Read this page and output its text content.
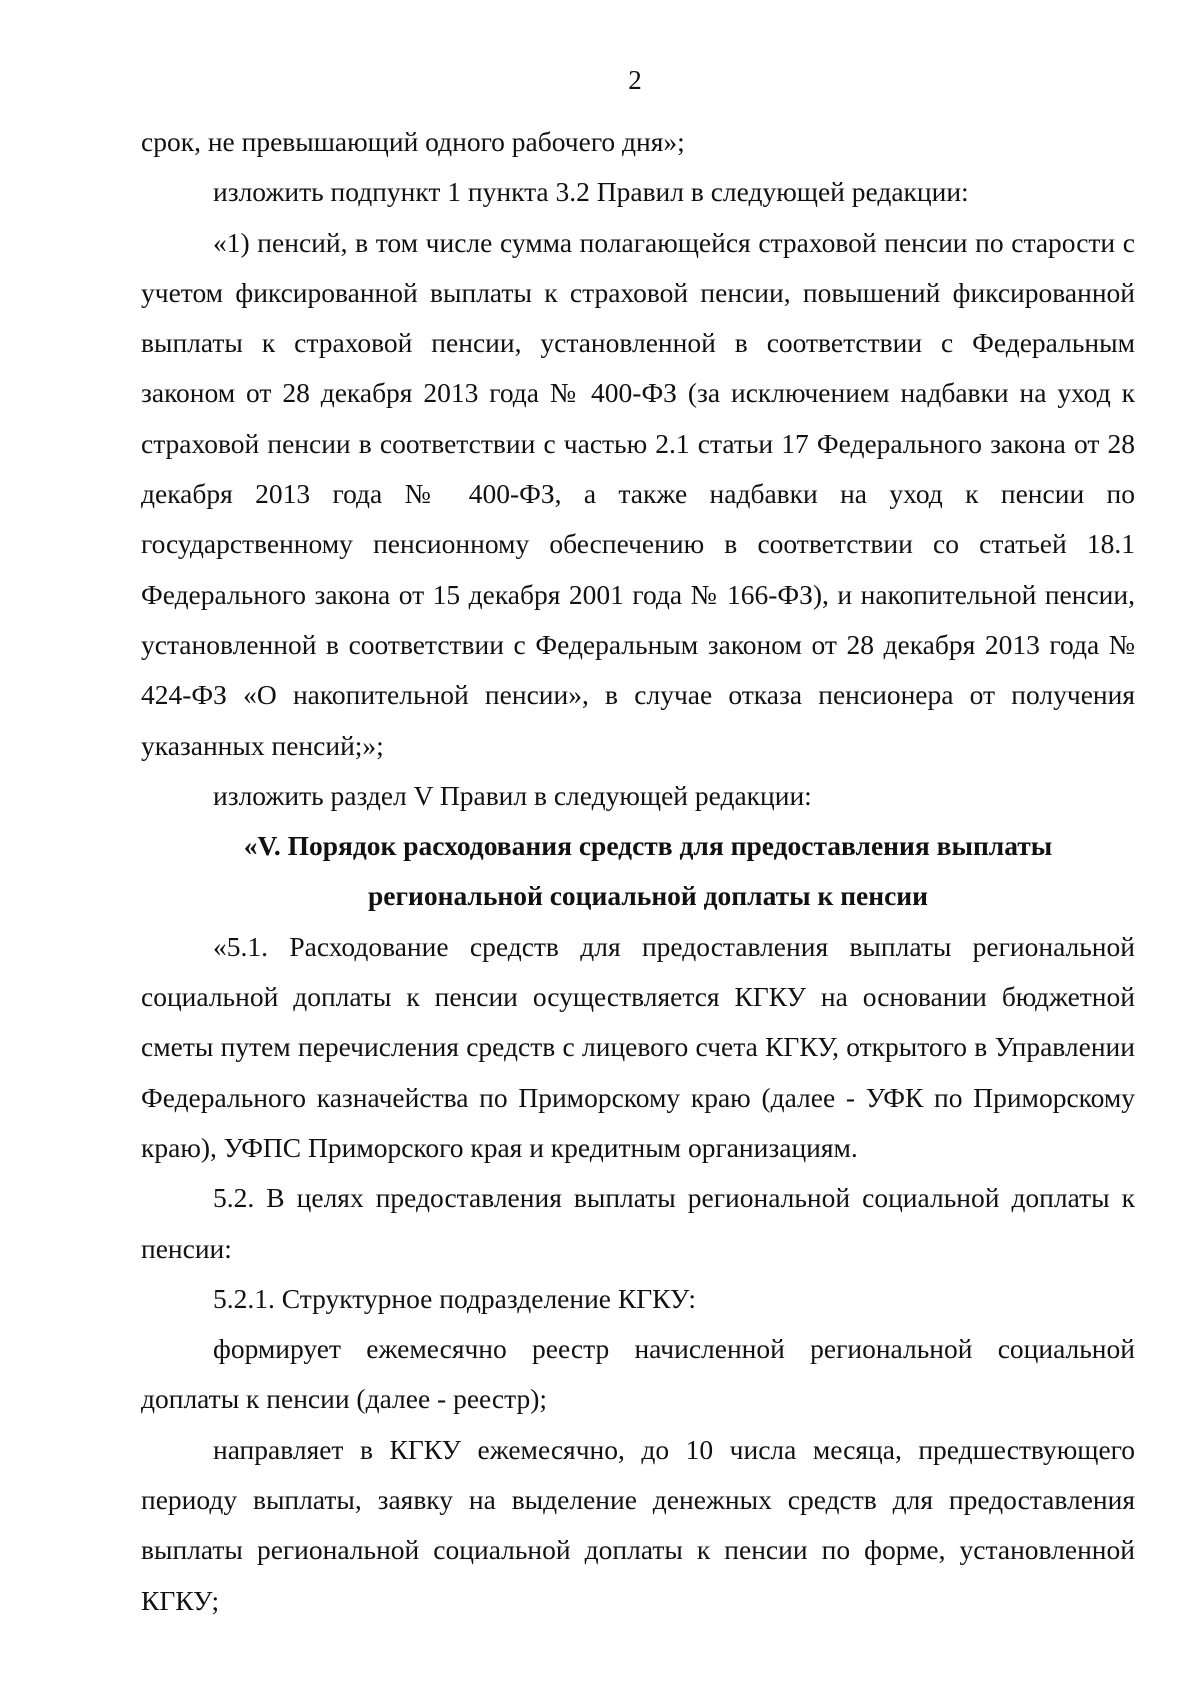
2

срок, не превышающий одного рабочего дня»;

изложить подпункт 1 пункта 3.2 Правил в следующей редакции:

«1) пенсий, в том числе сумма полагающейся страховой пенсии по старости с учетом фиксированной выплаты к страховой пенсии, повышений фиксированной выплаты к страховой пенсии, установленной в соответствии с Федеральным законом от 28 декабря 2013 года № 400-ФЗ (за исключением надбавки на уход к страховой пенсии в соответствии с частью 2.1 статьи 17 Федерального закона от 28 декабря 2013 года № 400-ФЗ, а также надбавки на уход к пенсии по государственному пенсионному обеспечению в соответствии со статьей 18.1 Федерального закона от 15 декабря 2001 года № 166-ФЗ), и накопительной пенсии, установленной в соответствии с Федеральным законом от 28 декабря 2013 года № 424-ФЗ «О накопительной пенсии», в случае отказа пенсионера от получения указанных пенсий;»;

изложить раздел V Правил в следующей редакции:

«V. Порядок расходования средств для предоставления выплаты региональной социальной доплаты к пенсии

«5.1. Расходование средств для предоставления выплаты региональной социальной доплаты к пенсии осуществляется КГКУ на основании бюджетной сметы путем перечисления средств с лицевого счета КГКУ, открытого в Управлении Федерального казначейства по Приморскому краю (далее - УФК по Приморскому краю), УФПС Приморского края и кредитным организациям.

5.2. В целях предоставления выплаты региональной социальной доплаты к пенсии:

5.2.1. Структурное подразделение КГКУ:

формирует ежемесячно реестр начисленной региональной социальной доплаты к пенсии (далее - реестр);

направляет в КГКУ ежемесячно, до 10 числа месяца, предшествующего периоду выплаты, заявку на выделение денежных средств для предоставления выплаты региональной социальной доплаты к пенсии по форме, установленной КГКУ;
